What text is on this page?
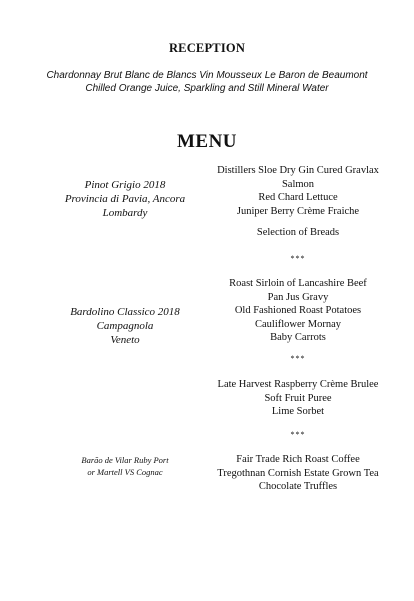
RECEPTION
Chardonnay Brut Blanc de Blancs Vin Mousseux Le Baron de Beaumont
Chilled Orange Juice, Sparkling and Still Mineral Water
MENU
Pinot Grigio 2018
Provincia di Pavia, Ancora
Lombardy
Distillers Sloe Dry Gin Cured Gravlax
Salmon
Red Chard Lettuce
Juniper Berry Crème Fraiche
Selection of Breads
***
Bardolino Classico 2018
Campagnola
Veneto
Roast Sirloin of Lancashire Beef
Pan Jus Gravy
Old Fashioned Roast Potatoes
Cauliflower Mornay
Baby Carrots
***
Late Harvest Raspberry Crème Brulee
Soft Fruit Puree
Lime Sorbet
***
Barão de Vilar Ruby Port
or Martell VS Cognac
Fair Trade Rich Roast Coffee
Tregothnan Cornish Estate Grown Tea
Chocolate Truffles
